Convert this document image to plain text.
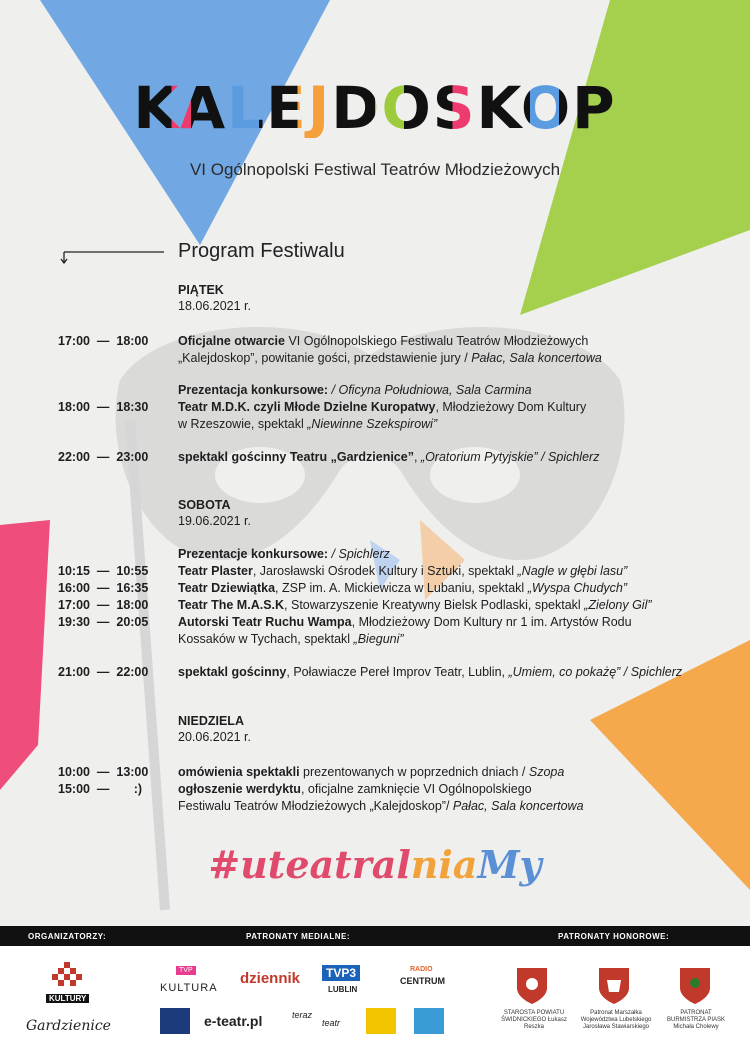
KALEJDOSKOP
VI Ogólnopolski Festiwal Teatrów Młodzieżowych
Program Festiwalu
PIĄTEK
18.06.2021 r.
17:00  —  18:00 Oficjalne otwarcie VI Ogólnopolskiego Festiwalu Teatrów Młodzieżowych
„Kalejdoskop”, powitanie gości, przedstawienie jury / Pałac, Sala koncertowa
Prezentacja konkursowe: / Oficyna Południowa, Sala Carmina
18:00  —  18:30 Teatr M.D.K. czyli Młode Dzielne Kuropatwy, Młodzieżowy Dom Kultury
w Rzeszowie, spektakl „Niewinne Szekspirowi”
22:00  —  23:00 spektakl gościnny Teatru „Gardzienice”, „Oratorium Pytyjskie” / Spichlerz
SOBOTA
19.06.2021 r.
Prezentacje konkursowe: / Spichlerz
10:15  —  10:55 Teatr Plaster, Jarosławski Ośrodek Kultury i Sztuki, spektakl „Nagle w głębi lasu”
16:00  —  16:35 Teatr Dziewiątka, ZSP im. A. Mickiewicza w Lubaniu, spektakl „Wyspa Chudych”
17:00  —  18:00 Teatr The M.A.S.K, Stowarzyszenie Kreatywny Bielsk Podlaski, spektakl „Zielony Gil”
19:30  —  20:05 Autorski Teatr Ruchu Wampa, Młodzieżowy Dom Kultury nr 1 im. Artystów Rodu
Kossaków w Tychach, spektakl „Bieguni”
21:00  —  22:00 spektakl gościnny, Poławiacze Pereł Improv Teatr, Lublin, „Umiem, co pokażę” / Spichlerz
NIEDZIELA
20.06.2021 r.
10:00  —  13:00 omówienia spektakli prezentowanych w poprzednich dniach / Szopa
15:00  —       :)	ogłoszenie werdyktu, oficjalne zamknięcie VI Ogólnopolskiego
Festiwalu Teatrów Młodzieżowych „Kalejdoskop”/ Pałac, Sala koncertowa
#uteatralniaMy
ORGANIZATORZY:	PATRONATY MEDIALNE:	PATRONATY HONOROWE:
KULTURY
Gardzienice
TVP
KULTURA
dziennik	TVP3
LUBLIN
RADIO
CENTRUM
e-teatr.pl	teraz
teatr
STAROSTA POWIATU ŚWIDNICKIEGO Łukasz Reszka
Patronat Marszałka Województwa Lubelskiego Jarosława Stawiarskiego
PATRONAT BURMISTRZA PIASK Michała Cholewy
